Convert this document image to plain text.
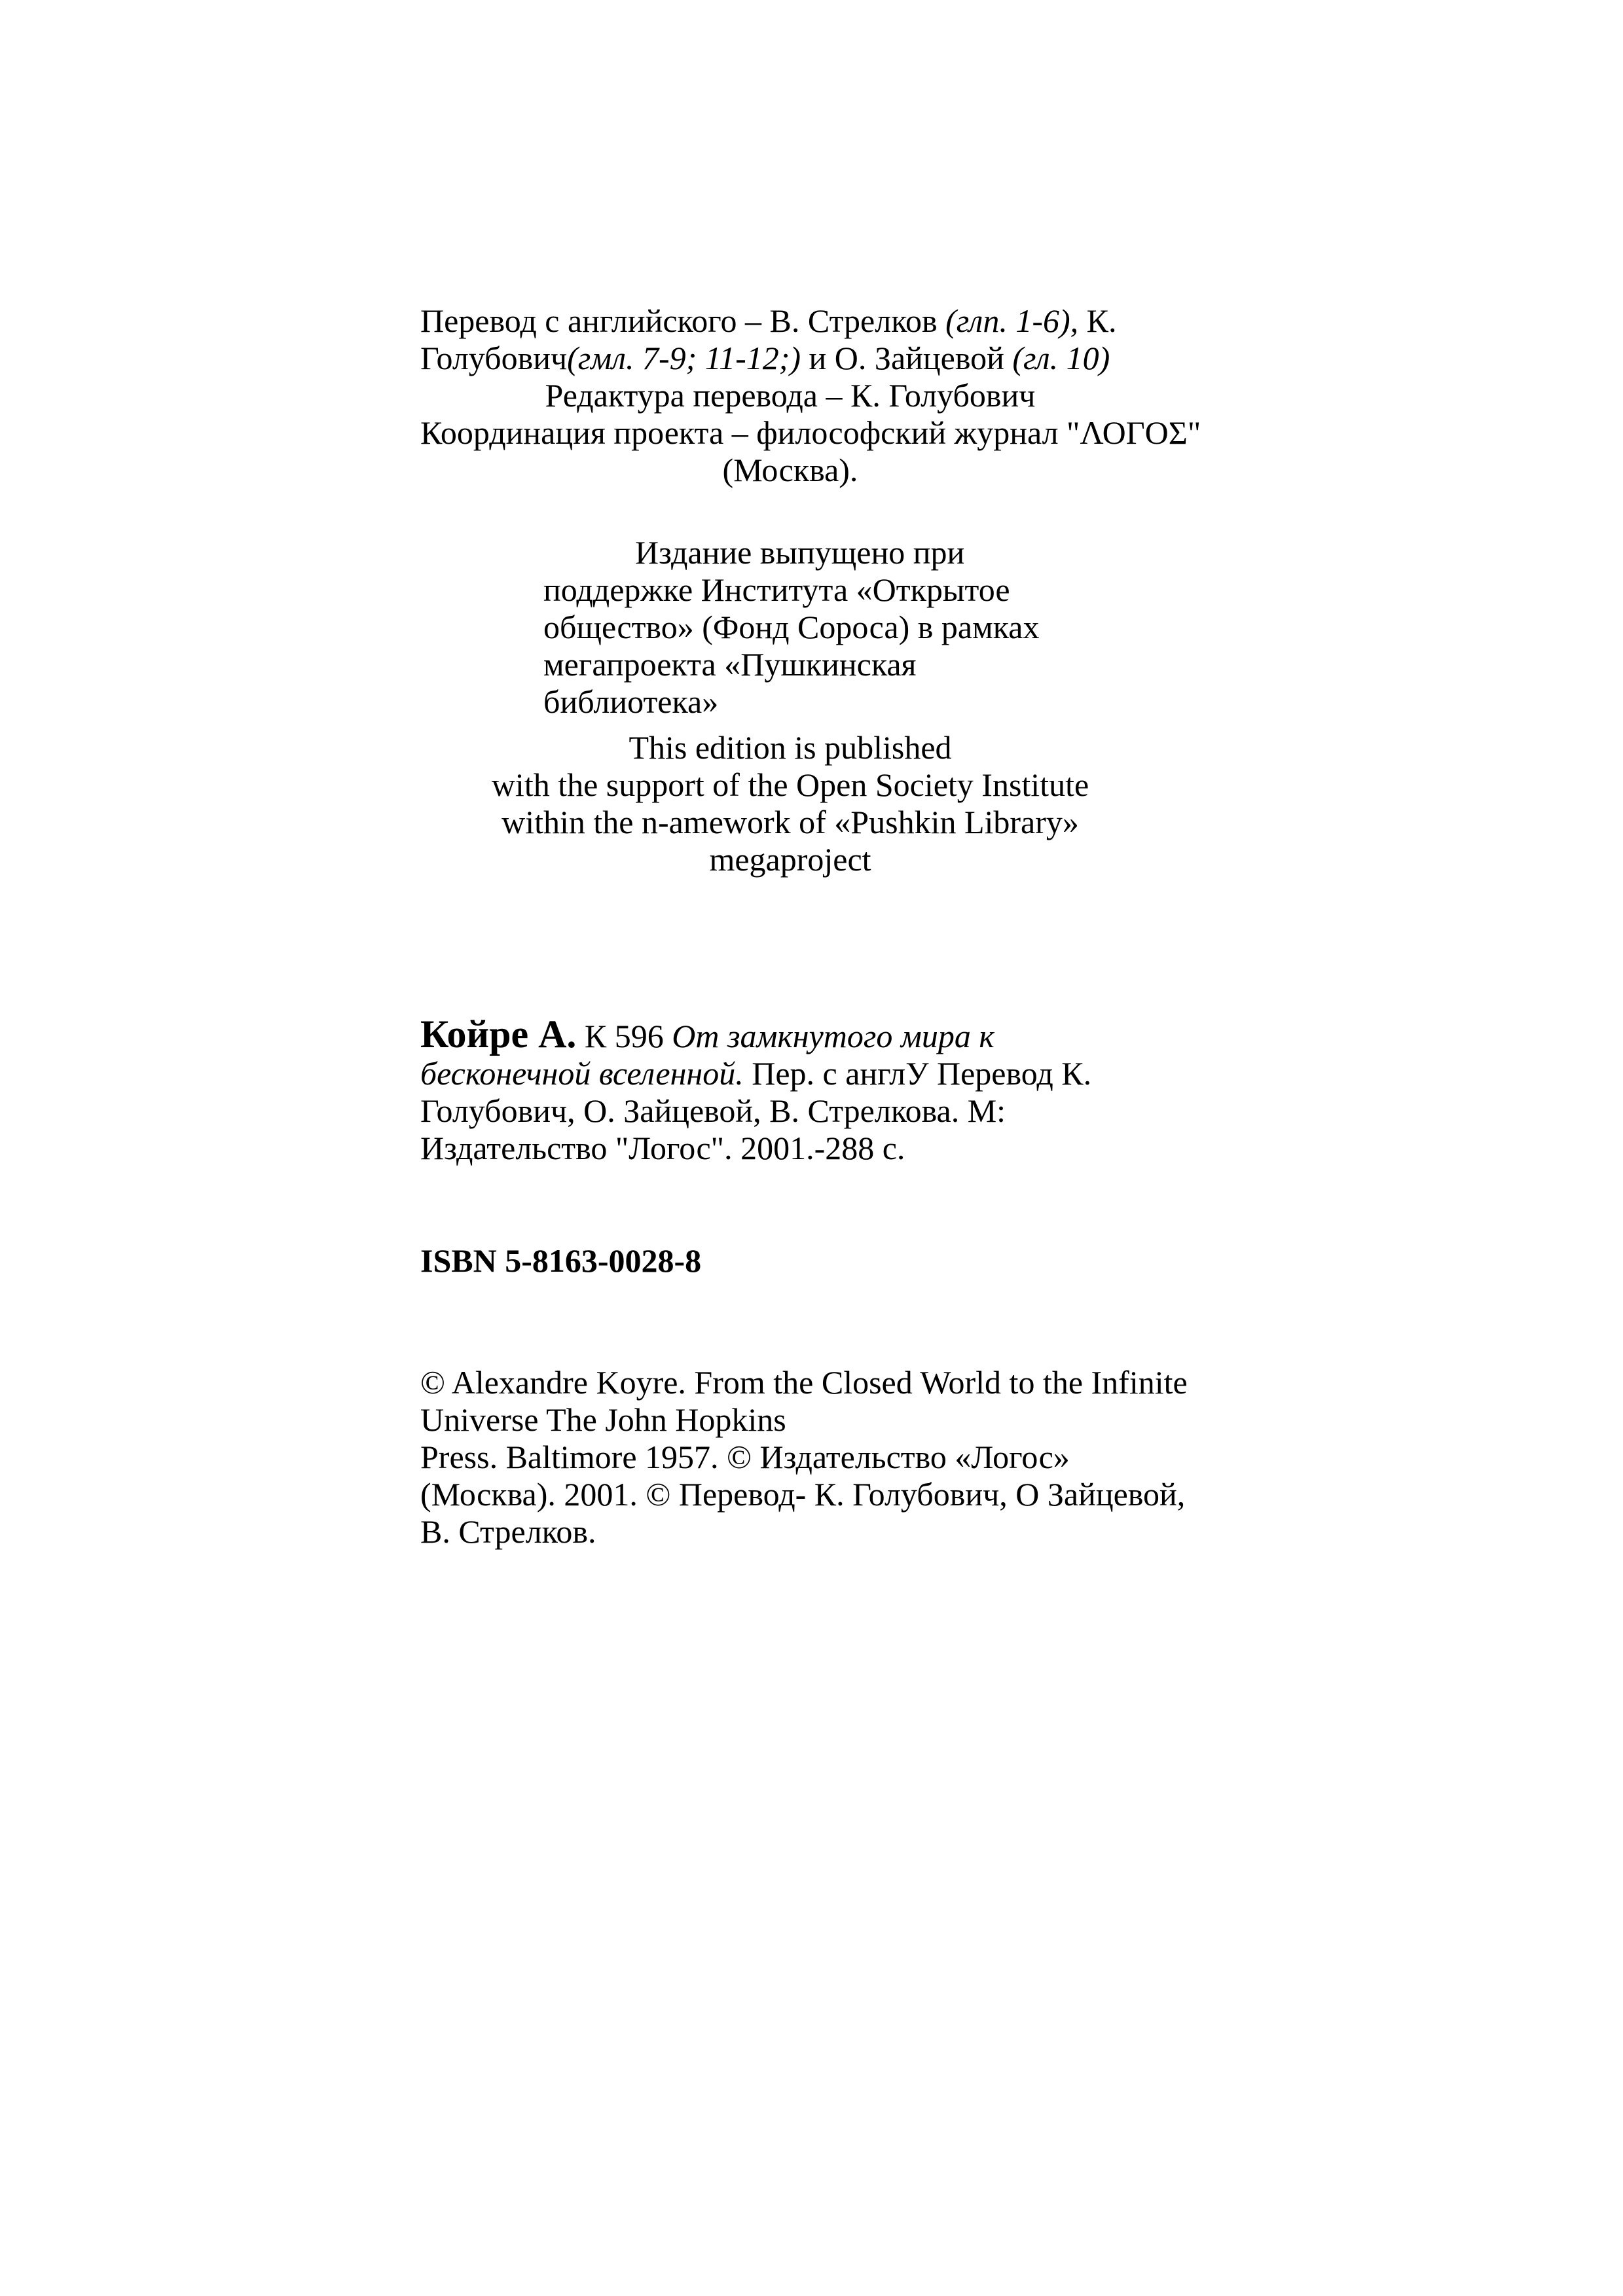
Перевод с английского – В. Стрелков (глп. 1-6), К.
Голубович(гмл. 7-9; 11-12;) и О. Зайцевой (гл. 10)
Редактура перевода – К. Голубович
Координация проекта – философский журнал "ΛΟΓΟΣ"
(Москва).
Издание выпущено при
поддержке Института «Открытое
общество» (Фонд Сороса) в рамках
мегапроекта «Пушкинская
библиотека»
This edition is published
with the support of the Open Society Institute
within the n-amework of «Pushkin Library»
megaproject
Койре А. К 596 От замкнутого мира к
бесконечной вселенной. Пер. с англУ Перевод К.
Голубович, О. Зайцевой, В. Стрелкова. М:
Издательство "Логос". 2001.-288 с.
ISBN 5-8163-0028-8
© Alexandre Koyre. From the Closed World to the Infinite
Universe The John Hopkins
Press. Baltimore 1957. © Издательство «Логос»
(Москва). 2001. © Перевод- К. Голубович, О Зайцевой,
В. Стрелков.
